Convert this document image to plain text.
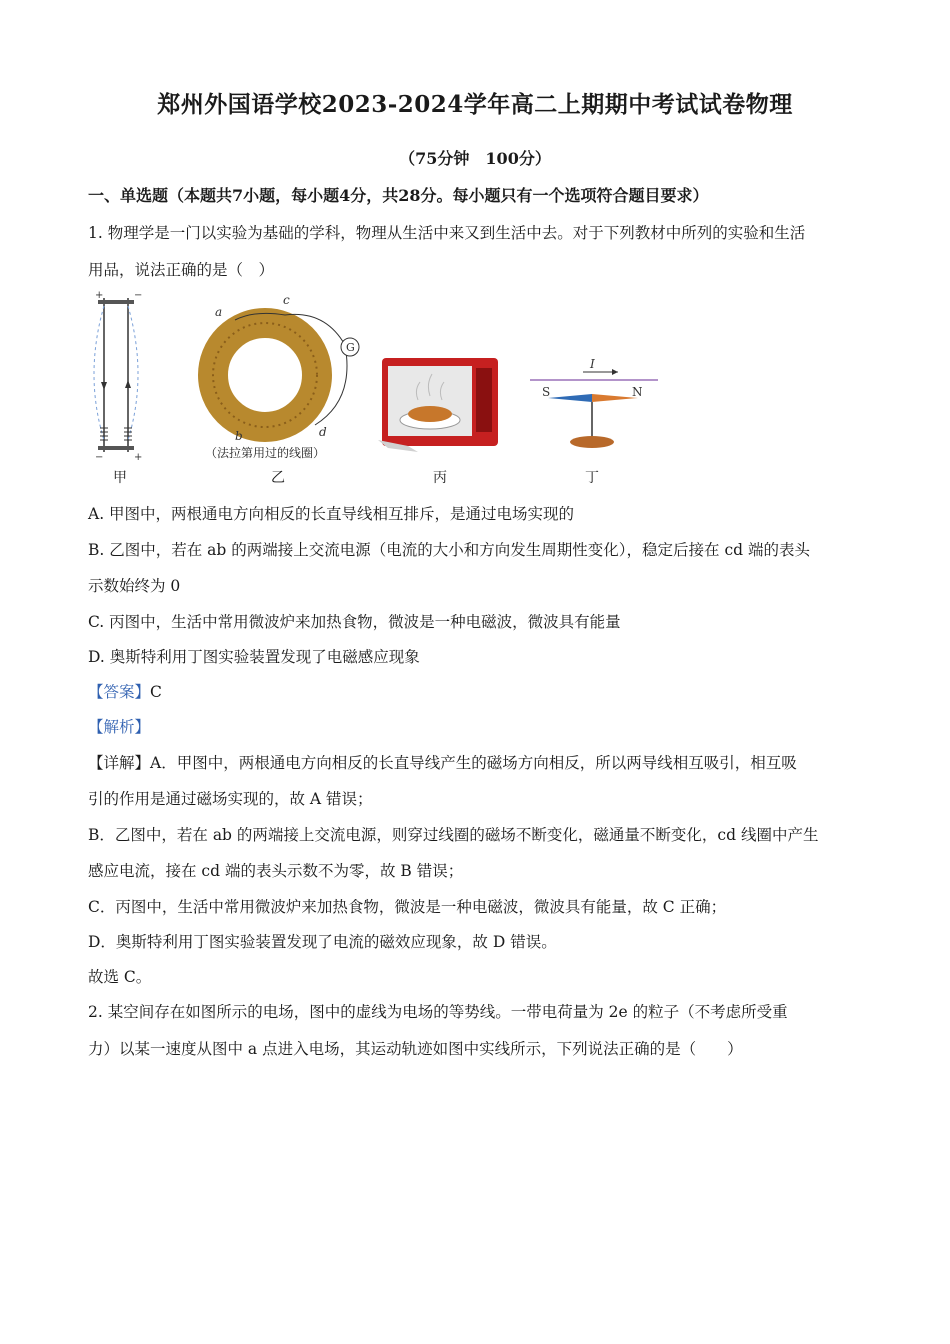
郑州外国语学校2023-2024学年高二上期期中考试试卷物理
（75分钟　100分）
一、单选题（本题共7小题，每小题4分，共28分。每小题只有一个选项符合题目要求）
1. 物理学是一门以实验为基础的学科，物理从生活中来又到生活中去。对于下列教材中所列的实验和生活
用品，说法正确的是（　）
+	−
−	+
甲
G
a
c
b	d
（法拉第用过的线圈）
乙	丙
I
S	N
丁
A. 甲图中，两根通电方向相反的长直导线相互排斥，是通过电场实现的
B. 乙图中，若在 ab 的两端接上交流电源（电流的大小和方向发生周期性变化），稳定后接在 cd 端的表头
示数始终为 0
C. 丙图中，生活中常用微波炉来加热食物，微波是一种电磁波，微波具有能量
D. 奥斯特利用丁图实验装置发现了电磁感应现象
【答案】C
【解析】
【详解】A．甲图中，两根通电方向相反的长直导线产生的磁场方向相反，所以两导线相互吸引，相互吸
引的作用是通过磁场实现的，故 A 错误；
B．乙图中，若在 ab 的两端接上交流电源，则穿过线圈的磁场不断变化，磁通量不断变化，cd 线圈中产生
感应电流，接在 cd 端的表头示数不为零，故 B 错误；
C．丙图中，生活中常用微波炉来加热食物，微波是一种电磁波，微波具有能量，故 C 正确；
D．奥斯特利用丁图实验装置发现了电流的磁效应现象，故 D 错误。
故选 C。
2. 某空间存在如图所示的电场，图中的虚线为电场的等势线。一带电荷量为 2e 的粒子（不考虑所受重
力）以某一速度从图中 a 点进入电场，其运动轨迹如图中实线所示，下列说法正确的是（　　）
